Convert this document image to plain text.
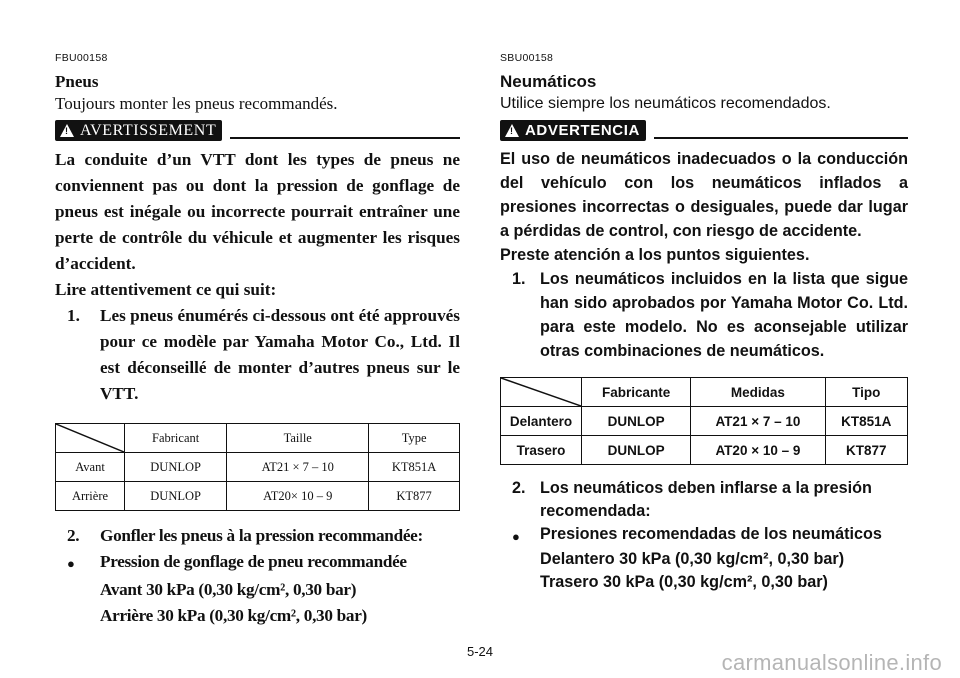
FBU00158
Pneus
Toujours monter les pneus recommandés.
! AVERTISSEMENT
La conduite d’un VTT dont les types de pneus ne conviennent pas ou dont la pression de gonflage de pneus est inégale ou incorrecte pourrait entraîner une perte de contrôle du véhicule et augmenter les risques d’accident.
Lire attentivement ce qui suit:
1.	Les pneus énumérés ci-dessous ont été approuvés pour ce modèle par Yamaha Motor Co., Ltd. Il est déconseillé de monter d’autres pneus sur le VTT.
	Fabricant	Taille	Type
Avant	DUNLOP	AT21 × 7 – 10	KT851A
Arrière	DUNLOP	AT20× 10 – 9	KT877
2.	Gonfler les pneus à la pression recommandée:
●	Pression de gonflage de pneu recommandée
Avant 30 kPa (0,30 kg/cm², 0,30 bar)
Arrière 30 kPa (0,30 kg/cm², 0,30 bar)
SBU00158
Neumáticos
Utilice siempre los neumáticos recomendados.
! ADVERTENCIA
El uso de neumáticos inadecuados o la conducción del vehículo con los neumáticos inflados a presiones incorrectas o desiguales, puede dar lugar a pérdidas de control, con riesgo de accidente.
Preste atención a los puntos siguientes.
1. Los neumáticos incluidos en la lista que sigue han sido aprobados por Yamaha Motor Co. Ltd. para este modelo. No es aconsejable utilizar otras combinaciones de neumáticos.
	Fabricante	Medidas	Tipo
Delantero	DUNLOP	AT21 × 7 – 10	KT851A
Trasero	DUNLOP	AT20 × 10 – 9	KT877
2. Los neumáticos deben inflarse a la presión recomendada:
●	Presiones recomendadas de los neumáticos
Delantero 30 kPa (0,30 kg/cm², 0,30 bar)
Trasero 30 kPa (0,30 kg/cm², 0,30 bar)
5-24	carmanualsonline.info
